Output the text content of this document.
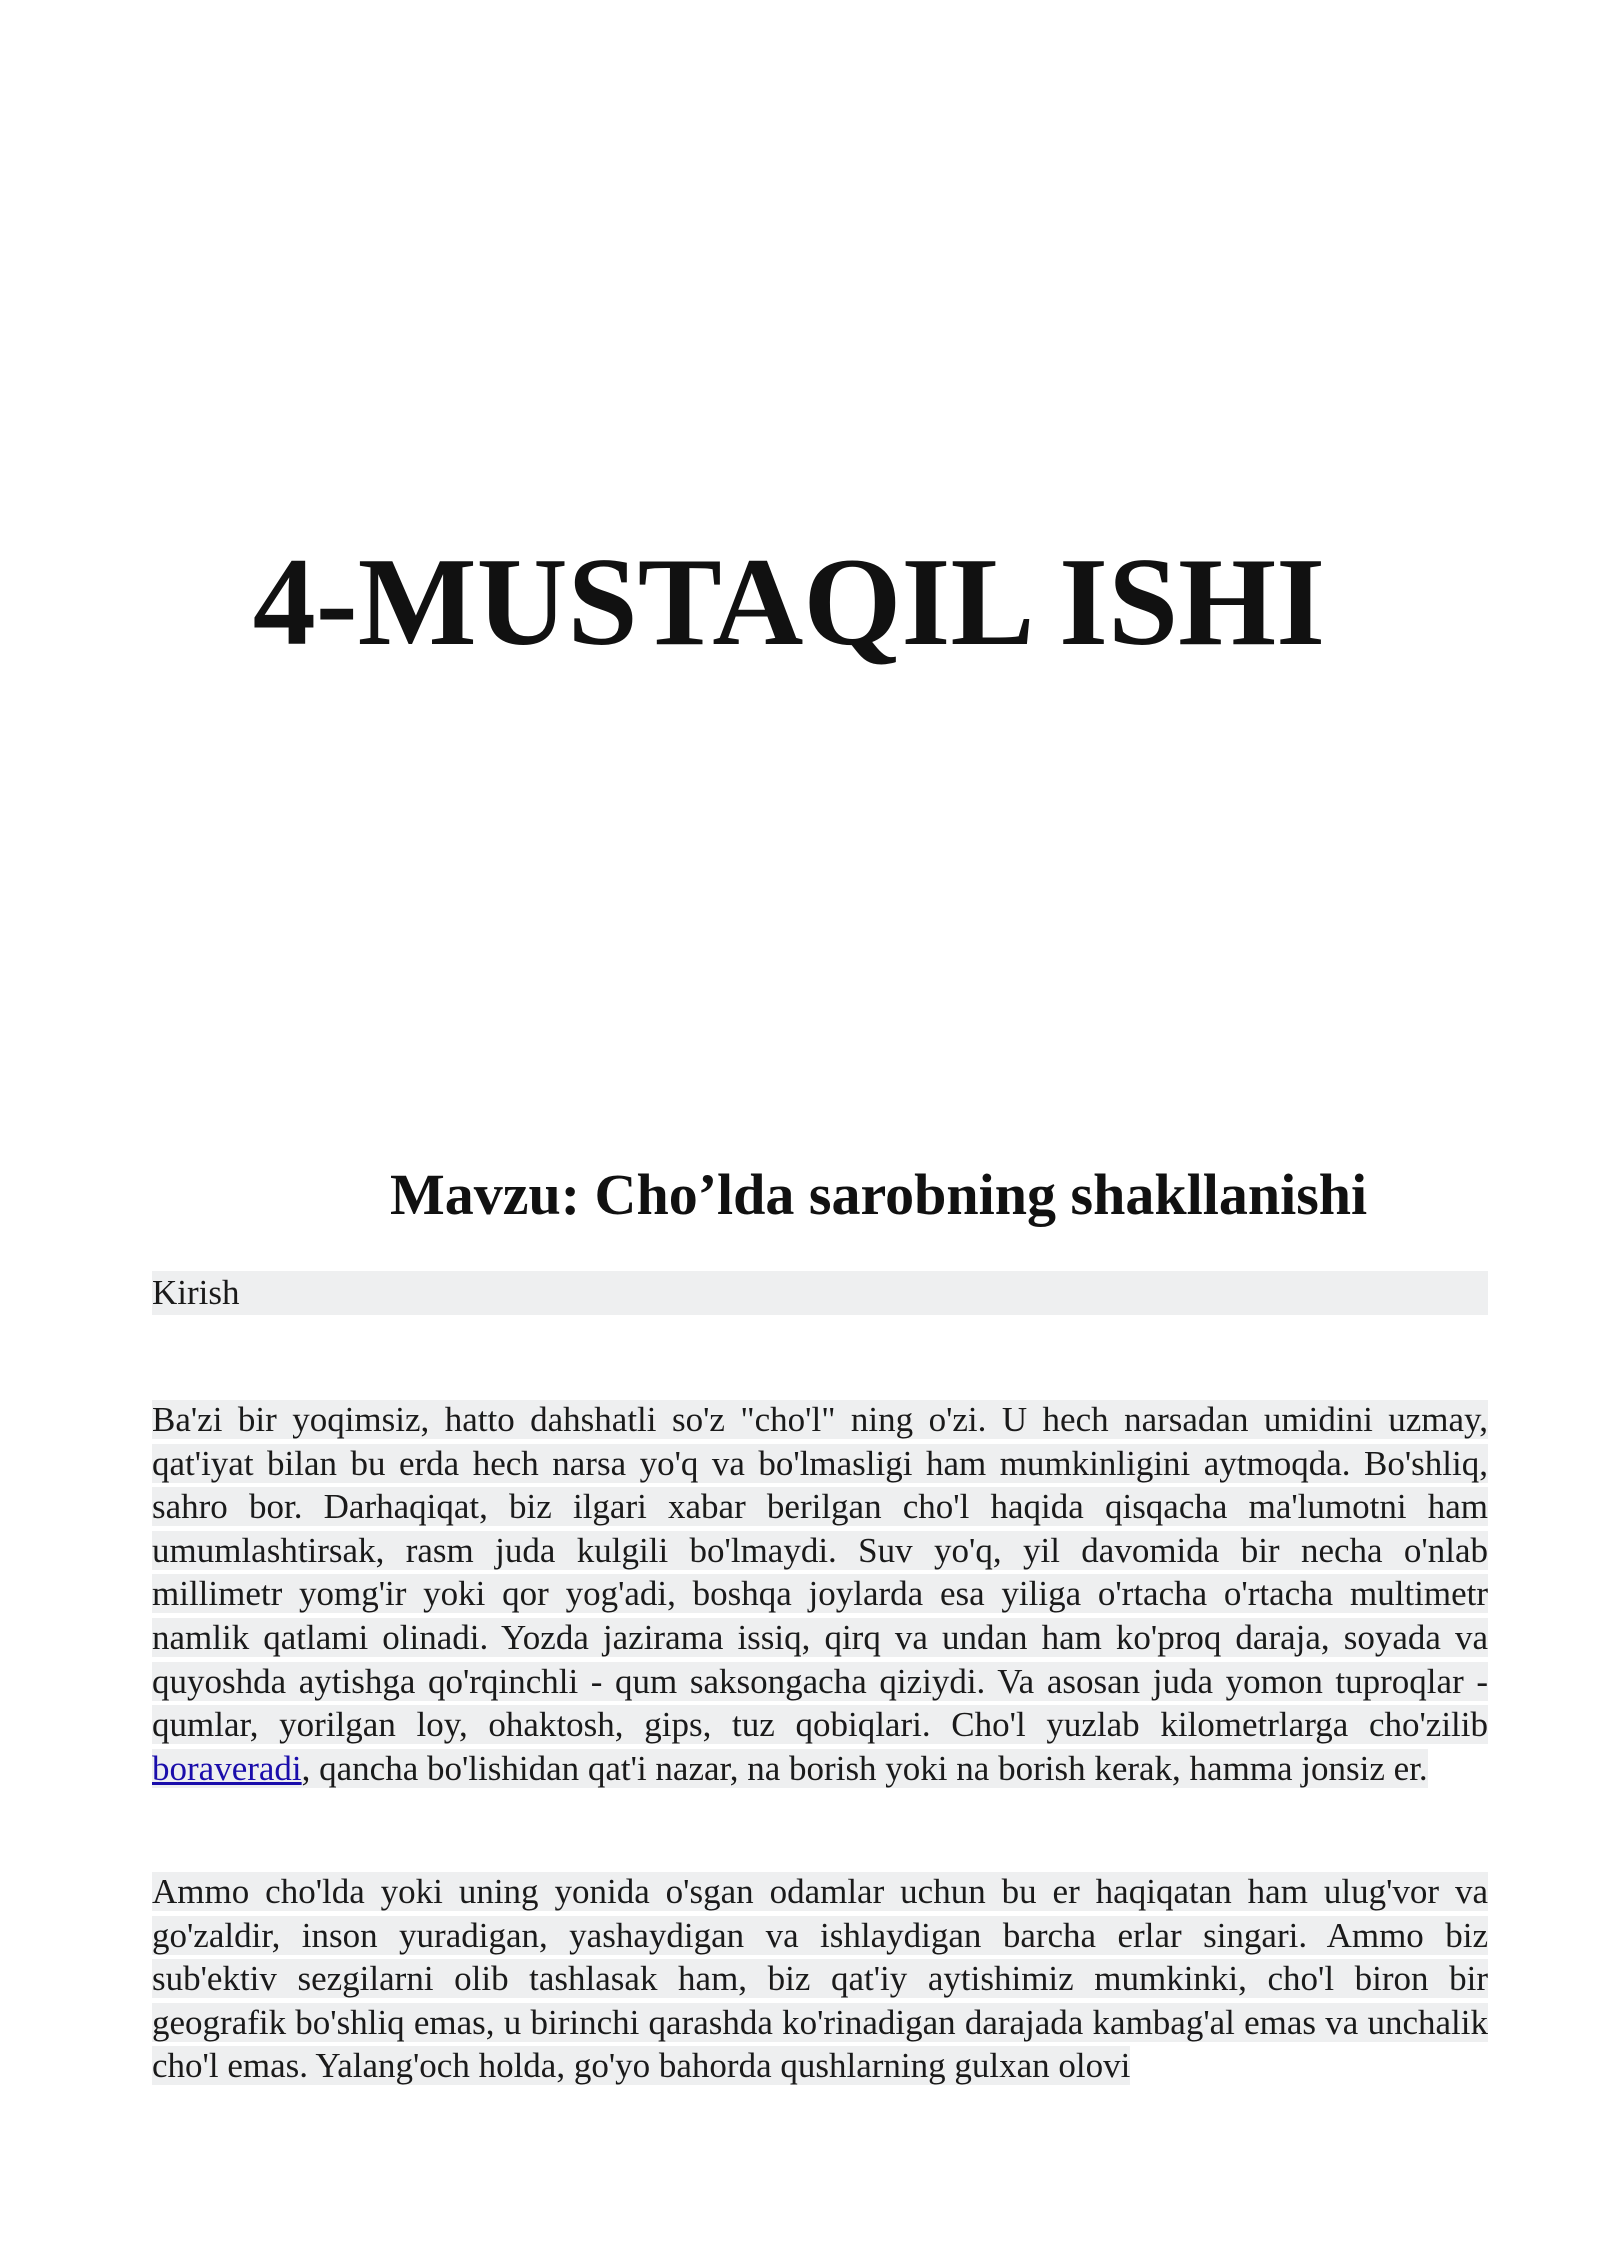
4-MUSTAQIL ISHI
Mavzu: Cho’lda sarobning shakllanishi

Kirish

Ba'zi bir yoqimsiz, hatto dahshatli so'z "cho'l" ning o'zi. U hech narsadan umidini uzmay, qat'iyat bilan bu erda hech narsa yo'q va bo'lmasligi ham mumkinligini aytmoqda. Bo'shliq, sahro bor. Darhaqiqat, biz ilgari xabar berilgan cho'l haqida qisqacha ma'lumotni ham umumlashtirsak, rasm juda kulgili bo'lmaydi. Suv yo'q, yil davomida bir necha o'nlab millimetr yomg'ir yoki qor yog'adi, boshqa joylarda esa yiliga o'rtacha o'rtacha multimetr namlik qatlami olinadi. Yozda jazirama issiq, qirq va undan ham ko'proq daraja, soyada va quyoshda aytishga qo'rqinchli - qum saksongacha qiziydi. Va asosan juda yomon tuproqlar - qumlar, yorilgan loy, ohaktosh, gips, tuz qobiqlari. Cho'l yuzlab kilometrlarga cho'zilib boraveradi, qancha bo'lishidan qat'i nazar, na borish yoki na borish kerak, hamma jonsiz er.

Ammo cho'lda yoki uning yonida o'sgan odamlar uchun bu er haqiqatan ham ulug'vor va go'zaldir, inson yuradigan, yashaydigan va ishlaydigan barcha erlar singari. Ammo biz sub'ektiv sezgilarni olib tashlasak ham, biz qat'iy aytishimiz mumkinki, cho'l biron bir geografik bo'shliq emas, u birinchi qarashda ko'rinadigan darajada kambag'al emas va unchalik cho'l emas. Yalang'och holda, go'yo bahorda qushlarning gulxan olovi
